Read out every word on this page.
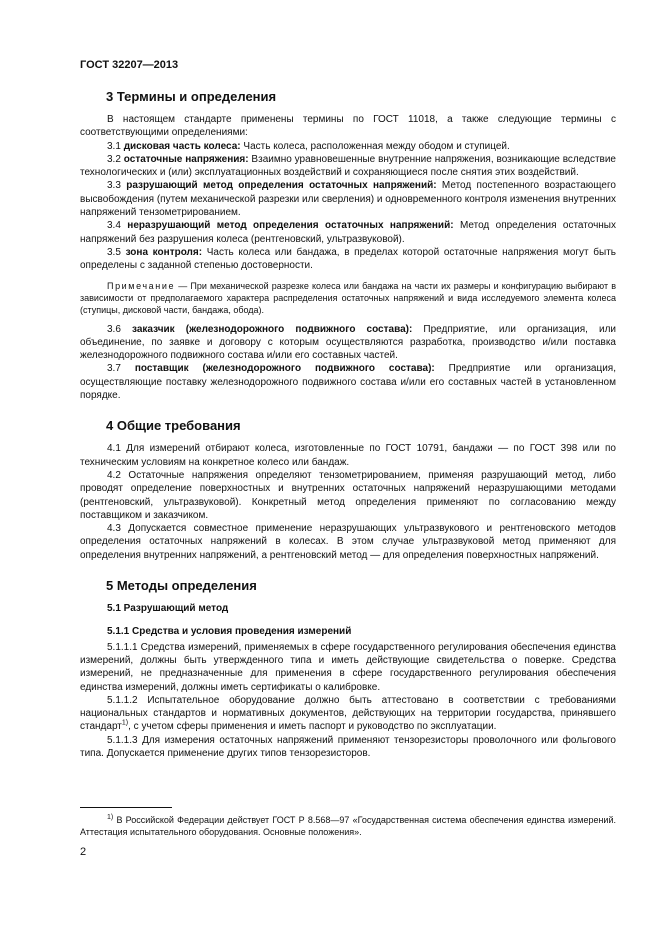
ГОСТ 32207—2013
3 Термины и определения

В настоящем стандарте применены термины по ГОСТ 11018, а также следующие термины с соответствующими определениями:

3.1 дисковая часть колеса: Часть колеса, расположенная между ободом и ступицей.

3.2 остаточные напряжения: Взаимно уравновешенные внутренние напряжения, возникающие вследствие технологических и (или) эксплуатационных воздействий и сохраняющиеся после снятия этих воздействий.

3.3 разрушающий метод определения остаточных напряжений: Метод постепенного возрастающего высвобождения (путем механической разрезки или сверления) и одновременного контроля изменения внутренних напряжений тензометрированием.

3.4 неразрушающий метод определения остаточных напряжений: Метод определения остаточных напряжений без разрушения колеса (рентгеновский, ультразвуковой).

3.5 зона контроля: Часть колеса или бандажа, в пределах которой остаточные напряжения могут быть определены с заданной степенью достоверности.

Примечание — При механической разрезке колеса или бандажа на части их размеры и конфигурацию выбирают в зависимости от предполагаемого характера распределения остаточных напряжений и вида исследуемого элемента колеса (ступицы, дисковой части, бандажа, обода).

3.6 заказчик (железнодорожного подвижного состава): Предприятие, или организация, или объединение, по заявке и договору с которым осуществляются разработка, производство и/или поставка железнодорожного подвижного состава и/или его составных частей.

3.7 поставщик (железнодорожного подвижного состава): Предприятие или организация, осуществляющие поставку железнодорожного подвижного состава и/или его составных частей в установленном порядке.

4 Общие требования

4.1 Для измерений отбирают колеса, изготовленные по ГОСТ 10791, бандажи — по ГОСТ 398 или по техническим условиям на конкретное колесо или бандаж.

4.2 Остаточные напряжения определяют тензометрированием, применяя разрушающий метод, либо проводят определение поверхностных и внутренних остаточных напряжений неразрушающими методами (рентгеновский, ультразвуковой). Конкретный метод определения применяют по согласованию между поставщиком и заказчиком.

4.3 Допускается совместное применение неразрушающих ультразвукового и рентгеновского методов определения остаточных напряжений в колесах. В этом случае ультразвуковой метод применяют для определения внутренних напряжений, а рентгеновский метод — для определения поверхностных напряжений.

5 Методы определения
5.1 Разрушающий метод
5.1.1 Средства и условия проведения измерений

5.1.1.1 Средства измерений, применяемых в сфере государственного регулирования обеспечения единства измерений, должны быть утвержденного типа и иметь действующие свидетельства о поверке. Средства измерений, не предназначенные для применения в сфере государственного регулирования обеспечения единства измерений, должны иметь сертификаты о калибровке.

5.1.1.2 Испытательное оборудование должно быть аттестовано в соответствии с требованиями национальных стандартов и нормативных документов, действующих на территории государства, принявшего стандарт$^{1)}$, с учетом сферы применения и иметь паспорт и руководство по эксплуатации.

5.1.1.3 Для измерения остаточных напряжений применяют тензорезисторы проволочного или фольгового типа. Допускается применение других типов тензорезисторов.

$^{1)}$ В Российской Федерации действует ГОСТ Р 8.568—97 «Государственная система обеспечения единства измерений. Аттестация испытательного оборудования. Основные положения».
2
